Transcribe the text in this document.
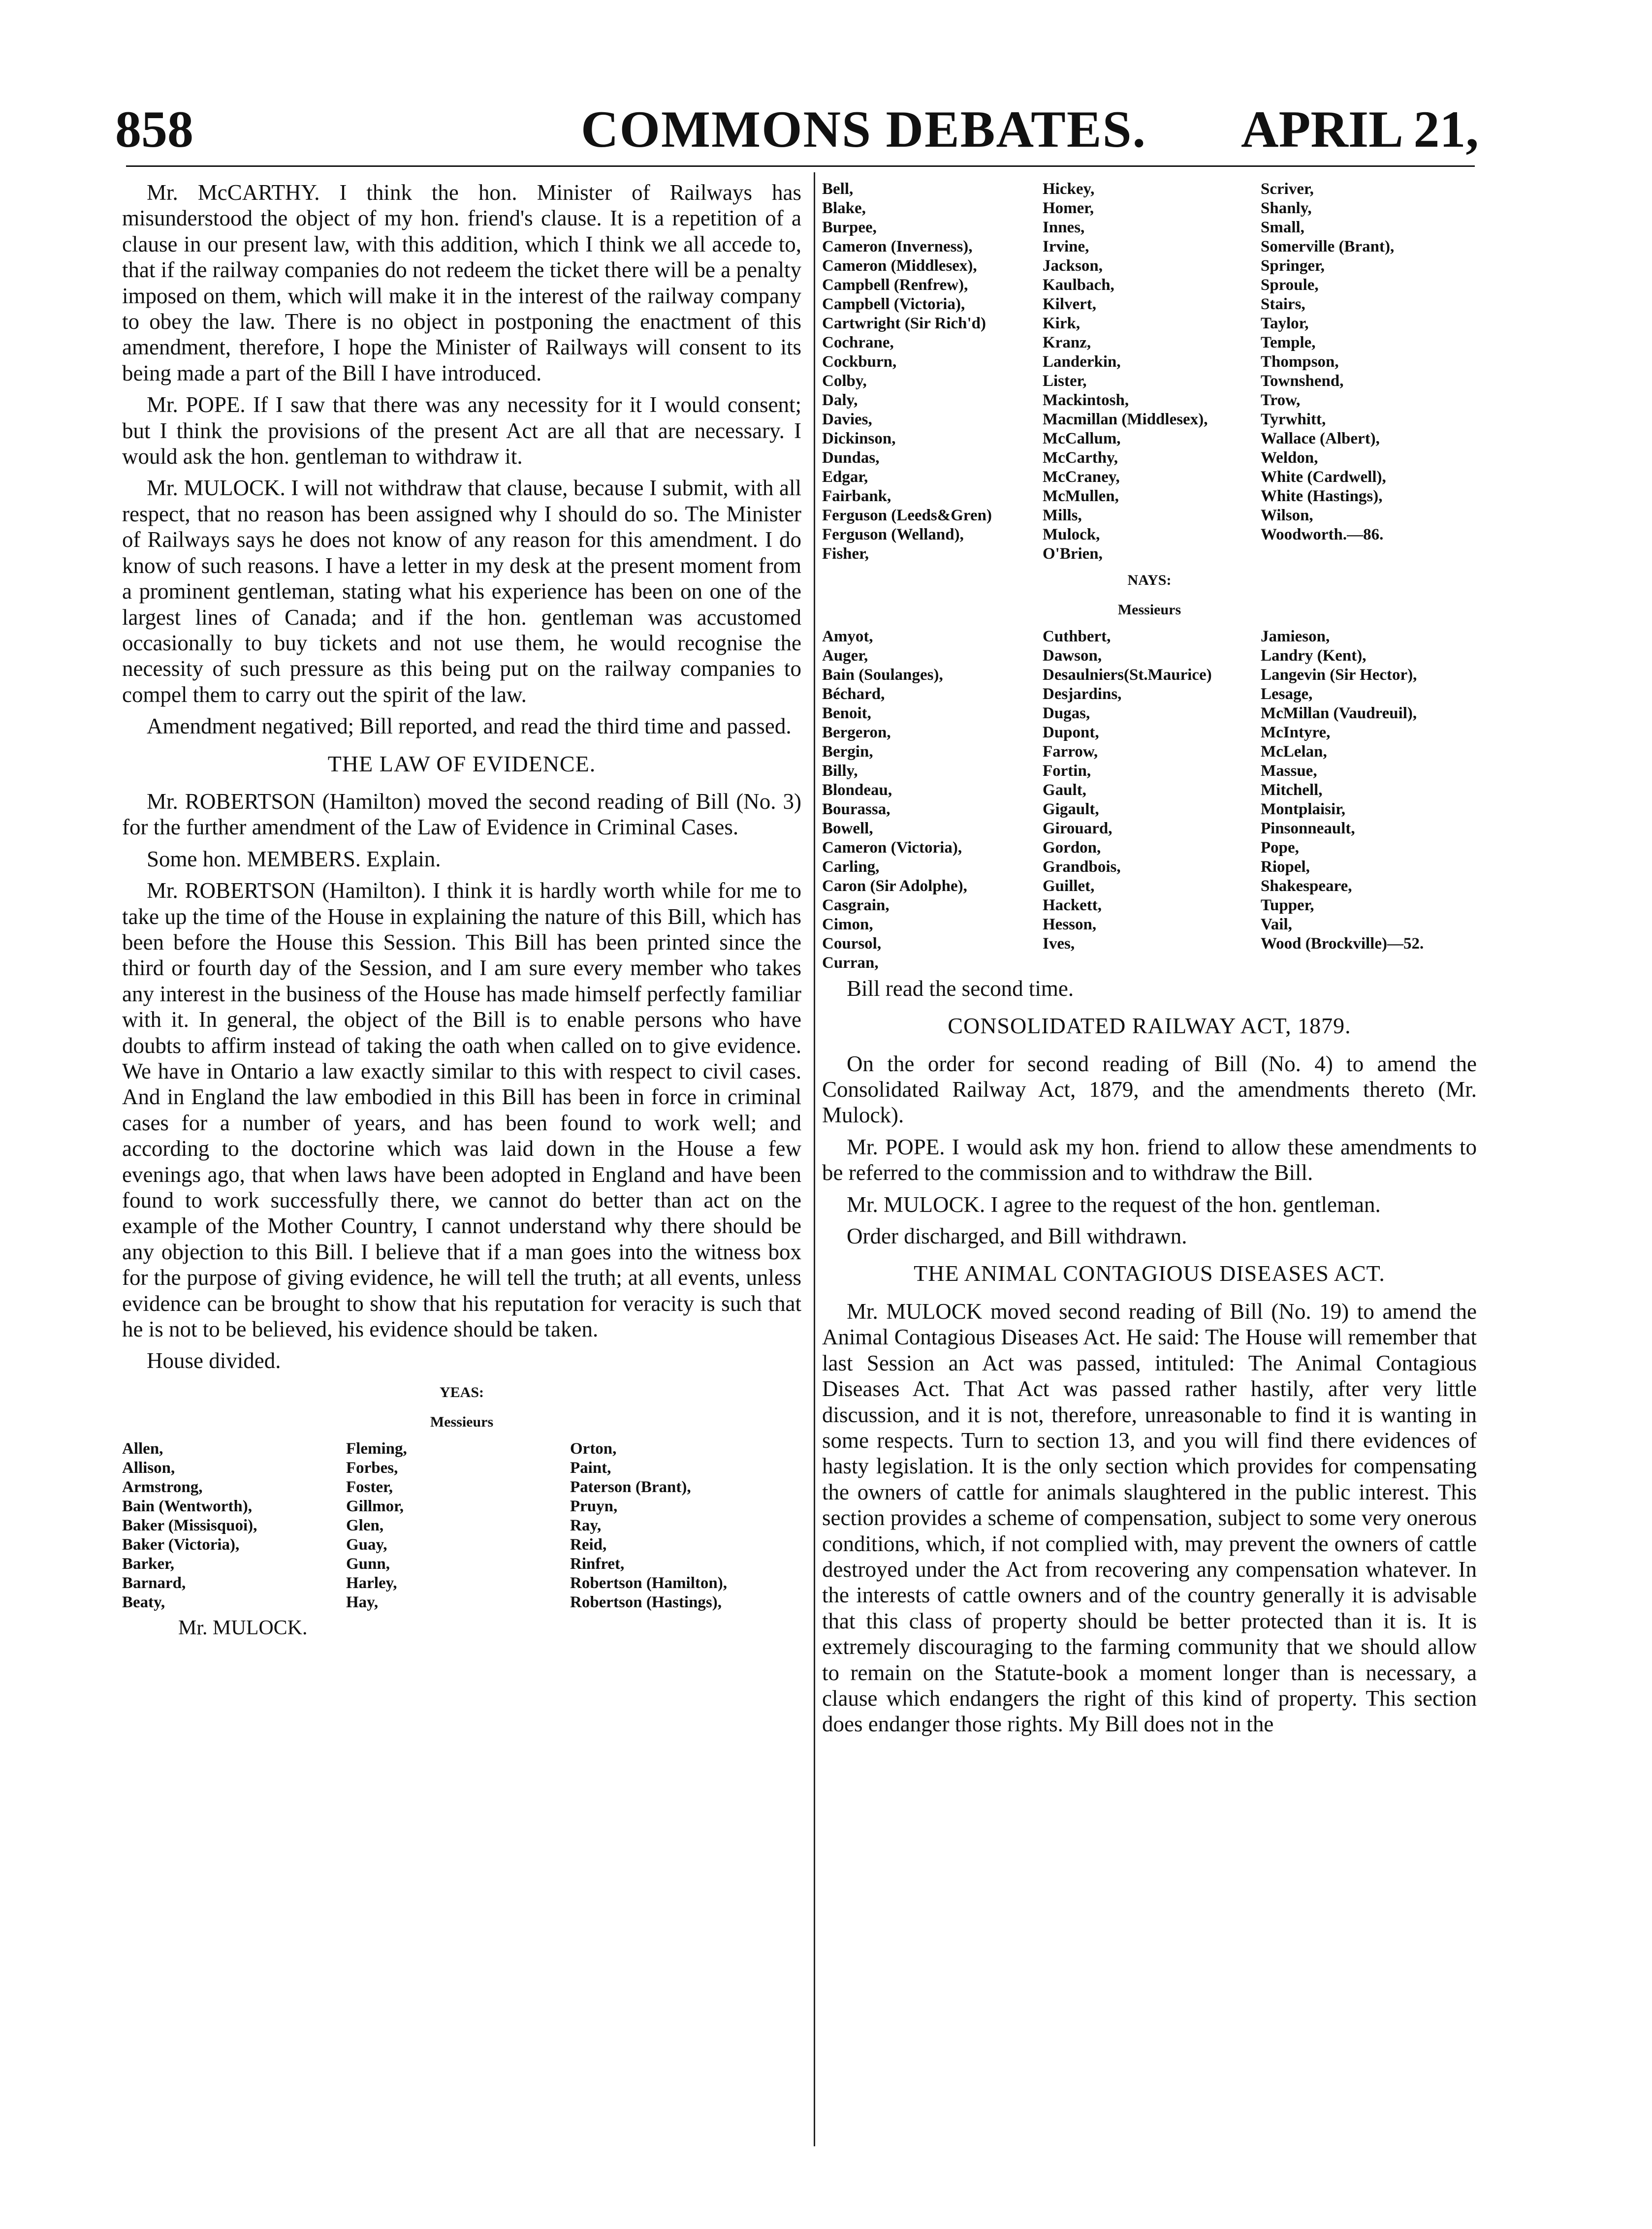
858	COMMONS DEBATES. APRIL 21,

Mr. McCARTHY. I think the hon. Minister of Railways has misunderstood the object of my hon. friend's clause. It is a repetition of a clause in our present law, with this addition, which I think we all accede to, that if the railway companies do not redeem the ticket there will be a penalty imposed on them, which will make it in the interest of the railway company to obey the law. There is no object in postponing the enactment of this amendment, therefore, I hope the Minister of Railways will consent to its being made a part of the Bill I have introduced.

Mr. POPE. If I saw that there was any necessity for it I would consent; but I think the provisions of the present Act are all that are necessary. I would ask the hon. gentleman to withdraw it.

Mr. MULOCK. I will not withdraw that clause, because I submit, with all respect, that no reason has been assigned why I should do so. The Minister of Railways says he does not know of any reason for this amendment. I do know of such reasons. I have a letter in my desk at the present moment from a prominent gentleman, stating what his experience has been on one of the largest lines of Canada; and if the hon. gentleman was accustomed occasionally to buy tickets and not use them, he would recognise the necessity of such pressure as this being put on the railway companies to compel them to carry out the spirit of the law.

Amendment negatived; Bill reported, and read the third time and passed.

THE LAW OF EVIDENCE.

Mr. ROBERTSON (Hamilton) moved the second reading of Bill (No. 3) for the further amendment of the Law of Evidence in Criminal Cases.

Some hon. MEMBERS. Explain.

Mr. ROBERTSON (Hamilton). I think it is hardly worth while for me to take up the time of the House in explaining the nature of this Bill, which has been before the House this Session. This Bill has been printed since the third or fourth day of the Session, and I am sure every member who takes any interest in the business of the House has made himself perfectly familiar with it. In general, the object of the Bill is to enable persons who have doubts to affirm instead of taking the oath when called on to give evidence. We have in Ontario a law exactly similar to this with respect to civil cases. And in England the law embodied in this Bill has been in force in criminal cases for a number of years, and has been found to work well; and according to the doctorine which was laid down in the House a few evenings ago, that when laws have been adopted in England and have been found to work successfully there, we cannot do better than act on the example of the Mother Country, I cannot understand why there should be any objection to this Bill. I believe that if a man goes into the witness box for the purpose of giving evidence, he will tell the truth; at all events, unless evidence can be brought to show that his reputation for veracity is such that he is not to be believed, his evidence should be taken.

House divided.

YEAS:
Messieurs
Allen,	Fleming,	Orton,
Allison,	Forbes,	Paint,
Armstrong,	Foster,	Paterson (Brant),
Bain (Wentworth),	Gillmor,	Pruyn,
Baker (Missisquoi),	Glen,	Ray,
Baker (Victoria),	Guay,	Reid,
Barker,	Gunn,	Rinfret,
Barnard,	Harley,	Robertson (Hamilton),
Beaty,	Hay,	Robertson (Hastings),
Mr. MULOCK.
Bell,	Hickey,	Scriver,
Blake,	Homer,	Shanly,
Burpee,	Innes,	Small,
Cameron (Inverness),	Irvine,	Somerville (Brant),
Cameron (Middlesex),	Jackson,	Springer,
Campbell (Renfrew),	Kaulbach,	Sproule,
Campbell (Victoria),	Kilvert,	Stairs,
Cartwright (Sir Rich'd)	Kirk,	Taylor,
Cochrane,	Kranz,	Temple,
Cockburn,	Landerkin,	Thompson,
Colby,	Lister,	Townshend,
Daly,	Mackintosh,	Trow,
Davies,	Macmillan (Middlesex),	Tyrwhitt,
Dickinson,	McCallum,	Wallace (Albert),
Dundas,	McCarthy,	Weldon,
Edgar,	McCraney,	White (Cardwell),
Fairbank,	McMullen,	White (Hastings),
Ferguson (Leeds&Gren)	Mills,	Wilson,
Ferguson (Welland),	Mulock,	Woodworth.—86.
Fisher,	O'Brien,
NAYS:
Messieurs
Amyot,	Cuthbert,	Jamieson,
Auger,	Dawson,	Landry (Kent),
Bain (Soulanges),	Desaulniers(St.Maurice)	Langevin (Sir Hector),
Béchard,	Desjardins,	Lesage,
Benoit,	Dugas,	McMillan (Vaudreuil),
Bergeron,	Dupont,	McIntyre,
Bergin,	Farrow,	McLelan,
Billy,	Fortin,	Massue,
Blondeau,	Gault,	Mitchell,
Bourassa,	Gigault,	Montplaisir,
Bowell,	Girouard,	Pinsonneault,
Cameron (Victoria),	Gordon,	Pope,
Carling,	Grandbois,	Riopel,
Caron (Sir Adolphe),	Guillet,	Shakespeare,
Casgrain,	Hackett,	Tupper,
Cimon,	Hesson,	Vail,
Coursol,	Ives,	Wood (Brockville)—52.
Curran,

Bill read the second time.

CONSOLIDATED RAILWAY ACT, 1879.

On the order for second reading of Bill (No. 4) to amend the Consolidated Railway Act, 1879, and the amendments thereto (Mr. Mulock).

Mr. POPE. I would ask my hon. friend to allow these amendments to be referred to the commission and to withdraw the Bill.

Mr. MULOCK. I agree to the request of the hon. gentleman.

Order discharged, and Bill withdrawn.

THE ANIMAL CONTAGIOUS DISEASES ACT.

Mr. MULOCK moved second reading of Bill (No. 19) to amend the Animal Contagious Diseases Act. He said: The House will remember that last Session an Act was passed, intituled: The Animal Contagious Diseases Act. That Act was passed rather hastily, after very little discussion, and it is not, therefore, unreasonable to find it is wanting in some respects. Turn to section 13, and you will find there evidences of hasty legislation. It is the only section which provides for compensating the owners of cattle for animals slaughtered in the public interest. This section provides a scheme of compensation, subject to some very onerous conditions, which, if not complied with, may prevent the owners of cattle destroyed under the Act from recovering any compensation whatever. In the interests of cattle owners and of the country generally it is advisable that this class of property should be better protected than it is. It is extremely discouraging to the farming community that we should allow to remain on the Statute-book a moment longer than is necessary, a clause which endangers the right of this kind of property. This section does endanger those rights. My Bill does not in the
